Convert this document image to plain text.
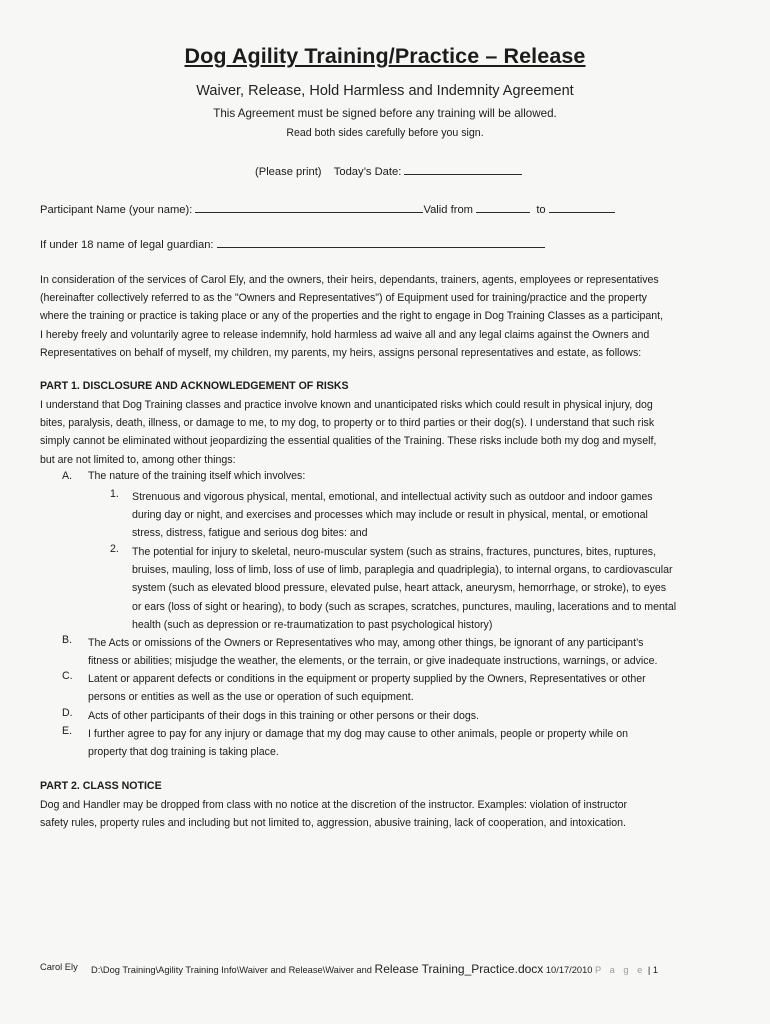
Dog Agility Training/Practice – Release
Waiver, Release, Hold Harmless and Indemnity Agreement
This Agreement must be signed before any training will be allowed.
Read both sides carefully before you sign.
(Please print) Today’s Date:
Participant Name (your name):	Valid from	to
If under 18 name of legal guardian:
In consideration of the services of Carol Ely, and the owners, their heirs, dependants, trainers, agents, employees or representatives
(hereinafter collectively referred to as the "Owners and Representatives") of Equipment used for training/practice and the property
where the training or practice is taking place or any of the properties and the right to engage in Dog Training Classes as a participant,
I hereby freely and voluntarily agree to release indemnify, hold harmless ad waive all and any legal claims against the Owners and
Representatives on behalf of myself, my children, my parents, my heirs, assigns personal representatives and estate, as follows:
PART 1. DISCLOSURE AND ACKNOWLEDGEMENT OF RISKS
I understand that Dog Training classes and practice involve known and unanticipated risks which could result in physical injury, dog
bites, paralysis, death, illness, or damage to me, to my dog, to property or to third parties or their dog(s). I understand that such risk
simply cannot be eliminated without jeopardizing the essential qualities of the Training. These risks include both my dog and myself,
but are not limited to, among other things:
A. The nature of the training itself which involves:
1. Strenuous and vigorous physical, mental, emotional, and intellectual activity such as outdoor and indoor games
during day or night, and exercises and processes which may include or result in physical, mental, or emotional
stress, distress, fatigue and serious dog bites: and
2. The potential for injury to skeletal, neuro-muscular system (such as strains, fractures, punctures, bites, ruptures,
bruises, mauling, loss of limb, loss of use of limb, paraplegia and quadriplegia), to internal organs, to cardiovascular
system (such as elevated blood pressure, elevated pulse, heart attack, aneurysm, hemorrhage, or stroke), to eyes
or ears (loss of sight or hearing), to body (such as scrapes, scratches, punctures, mauling, lacerations and to mental
health (such as depression or re-traumatization to past psychological history)
B. The Acts or omissions of the Owners or Representatives who may, among other things, be ignorant of any participant’s
fitness or abilities; misjudge the weather, the elements, or the terrain, or give inadequate instructions, warnings, or advice.
C. Latent or apparent defects or conditions in the equipment or property supplied by the Owners, Representatives or other
persons or entities as well as the use or operation of such equipment.
D. Acts of other participants of their dogs in this training or other persons or their dogs.
E. I further agree to pay for any injury or damage that my dog may cause to other animals, people or property while on
property that dog training is taking place.
PART 2. CLASS NOTICE
Dog and Handler may be dropped from class with no notice at the discretion of the instructor. Examples: violation of instructor
safety rules, property rules and including but not limited to, aggression, abusive training, lack of cooperation, and intoxication.
Carol Ely D:\Dog Training\Agility Training Info\Waiver and Release\Waiver and Release Training_Practice.docx 10/17/2010 P a g e | 1
